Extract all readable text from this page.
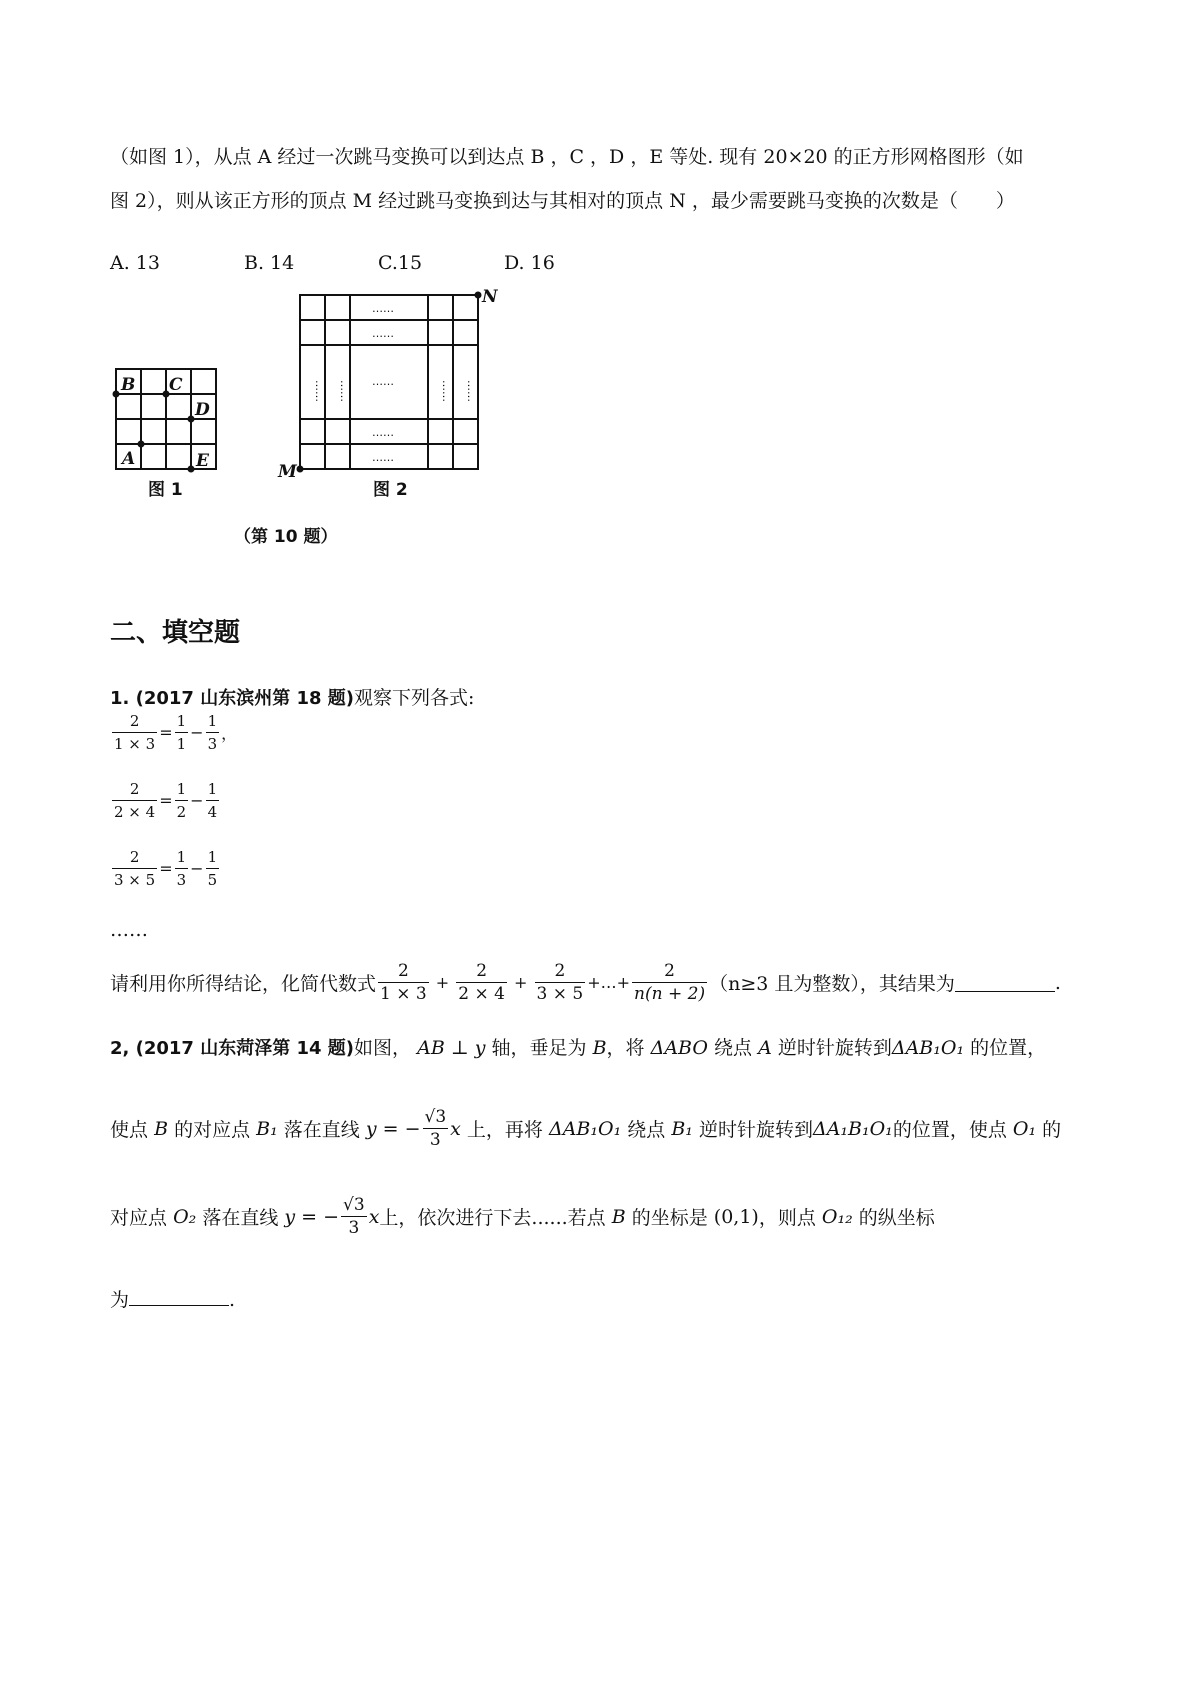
（如图 1），从点 A 经过一次跳马变换可以到达点 B ，C ，D ，E 等处. 现有 20×20 的正方形网格图形（如
图 2），则从该正方形的顶点 M 经过跳马变换到达与其相对的顶点 N ，最少需要跳马变换的次数是（　　）
A. 13	B. 14	C.15	D. 16
B C
D
A	E
图 1
……
……
……
……
……
…… ……	…… ……
N
M
图 2
（第 10 题）
二、填空题
1. (2017 山东滨州第 18 题)观察下列各式:
$\frac{2}{1 \times 3} = \frac{1}{1} - \frac{1}{3}$ ，
$\frac{2}{2 \times 4} = \frac{1}{2} - \frac{1}{4}$
$\frac{2}{3 \times 5} = \frac{1}{3} - \frac{1}{5}$
……
请利用你所得结论，化简代数式 $\frac{2}{1 \times 3} + \frac{2}{2 \times 4} + \frac{2}{3 \times 5}$ +…+ $\frac{2}{n(n + 2)} (n\ge 3$ 且为整数），其结果为	.
2, (2017 山东菏泽第 14 题)如图， AB ⊥ y 轴，垂足为 B，将 ΔABO 绕点 A 逆时针旋转到ΔAB₁O₁ 的位置，
使点
B
的对应点
B₁
落在直线
y = − $\frac{√3}{3}$ x
上，再将
ΔAB₁O₁
绕点
B₁
逆时针旋转到 ΔA₁B₁O₁ 的位置，使点
O₁
的
对应点
O₂
落在直线
y = − $\frac{√3}{3}$ x 上，依次进行下去......若点
B
的坐标是
(0,1) ，则点
O₁₂
的纵坐标
为	.
